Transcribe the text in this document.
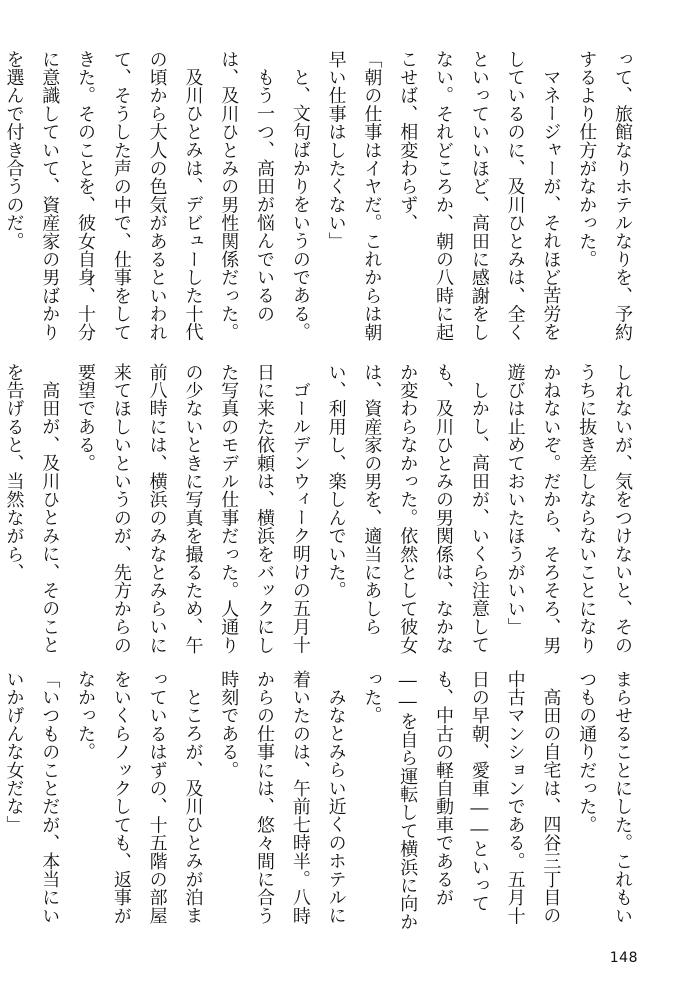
って、旅館なりホテルなりを、予約するより仕方がなかった。

マネージャーが、それほど苦労をしているのに、及川ひとみは、全くといっていいほど、高田に感謝をしない。それどころか、朝の八時に起こせば、相変わらず、

「朝の仕事はイヤだ。これからは朝早い仕事はしたくない」

と、文句ばかりをいうのである。

もう一つ、高田が悩んでいるのは、及川ひとみの男性関係だった。

及川ひとみは、デビューした十代の頃から大人の色気があるといわれて、そうした声の中で、仕事をしてきた。そのことを、彼女自身、十分に意識していて、資産家の男ばかりを選んで付き合うのだ。

しれないが、気をつけないと、そのうちに抜き差しならないことになりかねないぞ。だから、そろそろ、男遊びは止めておいたほうがいい」

しかし、高田が、いくら注意しても、及川ひとみの男関係は、なかなか変わらなかった。依然として彼女は、資産家の男を、適当にあしらい、利用し、楽しんでいた。

ゴールデンウィーク明けの五月十日に来た依頼は、横浜をバックにした写真のモデル仕事だった。人通りの少ないときに写真を撮るため、午前八時には、横浜のみなとみらいに来てほしいというのが、先方からの要望である。

高田が、及川ひとみに、そのことを告げると、当然ながら、

まらせることにした。これもいつもの通りだった。

高田の自宅は、四谷三丁目の中古マンションである。五月十日の早朝、愛車――といっても、中古の軽自動車であるが――を自ら運転して横浜に向かった。

みなとみらい近くのホテルに着いたのは、午前七時半。八時からの仕事には、悠々間に合う時刻である。

ところが、及川ひとみが泊まっているはずの、十五階の部屋をいくらノックしても、返事がなかった。

「いつものことだが、本当にいいかげんな女だな」

148
